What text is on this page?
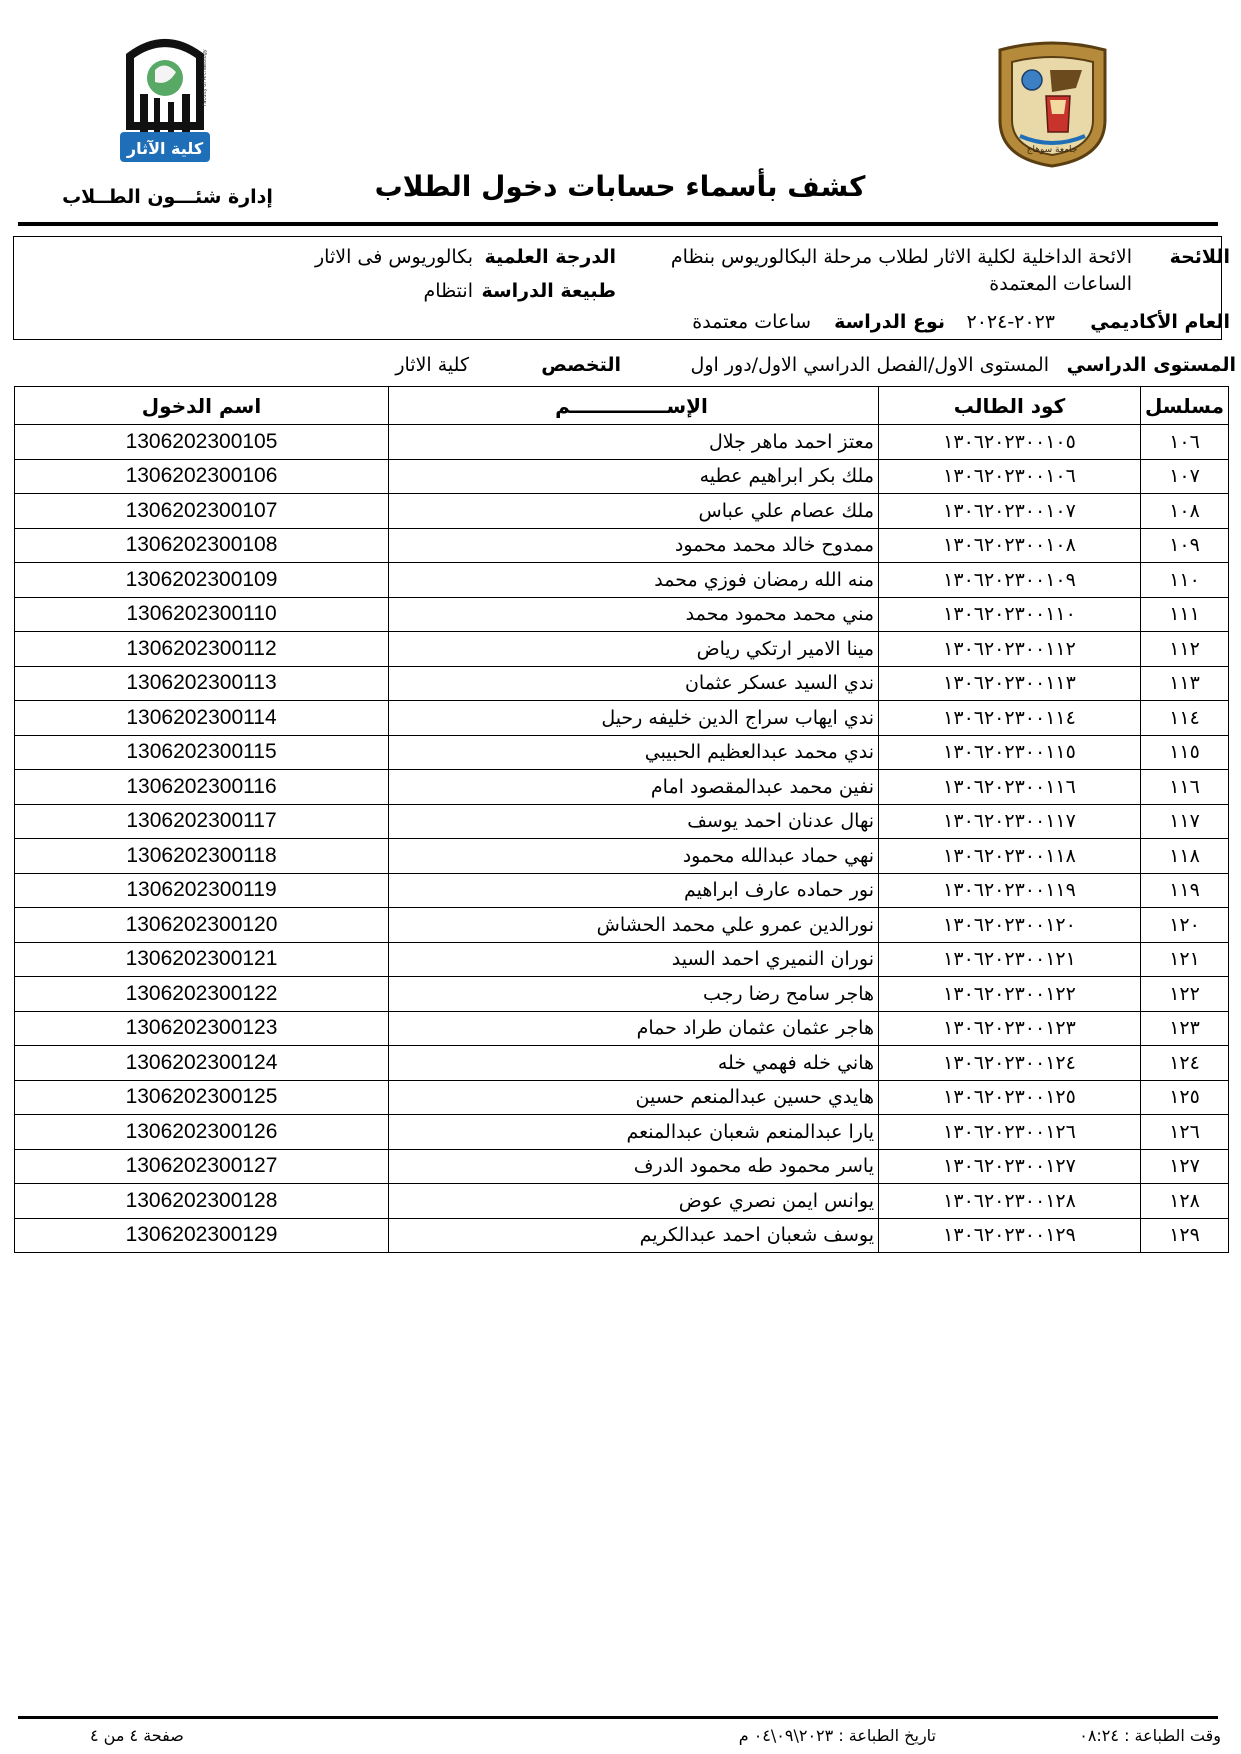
جامعة سوهاج
كلية الآثار
Faculty of Archaeology
كشف بأسماء حسابات دخول الطلاب
إدارة شئـــون الطــلاب
اللائحة
الائحة الداخلية لكلية الاثار لطلاب مرحلة البكالوريوس بنظام
الساعات المعتمدة
الدرجة العلمية
بكالوريوس فى الاثار
طبيعة الدراسة
انتظام
العام الأكاديمي
٢٠٢٣-٢٠٢٤
نوع الدراسة
ساعات معتمدة
المستوى الدراسي
المستوى الاول/الفصل الدراسي الاول/دور اول
التخصص
كلية الاثار
مسلسل	كود الطالب	الإســــــــــــــم	اسم الدخول
١٠٦	١٣٠٦٢٠٢٣٠٠١٠٥	معتز احمد ماهر جلال	1306202300105
١٠٧	١٣٠٦٢٠٢٣٠٠١٠٦	ملك بكر ابراهيم عطيه	1306202300106
١٠٨	١٣٠٦٢٠٢٣٠٠١٠٧	ملك عصام علي عباس	1306202300107
١٠٩	١٣٠٦٢٠٢٣٠٠١٠٨	ممدوح خالد محمد محمود	1306202300108
١١٠	١٣٠٦٢٠٢٣٠٠١٠٩	منه الله رمضان فوزي محمد	1306202300109
١١١	١٣٠٦٢٠٢٣٠٠١١٠	مني محمد محمود محمد	1306202300110
١١٢	١٣٠٦٢٠٢٣٠٠١١٢	مينا الامير ارتكي رياض	1306202300112
١١٣	١٣٠٦٢٠٢٣٠٠١١٣	ندي السيد عسكر عثمان	1306202300113
١١٤	١٣٠٦٢٠٢٣٠٠١١٤	ندي ايهاب سراج الدين خليفه رحيل	1306202300114
١١٥	١٣٠٦٢٠٢٣٠٠١١٥	ندي محمد عبدالعظيم الحبيبي	1306202300115
١١٦	١٣٠٦٢٠٢٣٠٠١١٦	نفين محمد عبدالمقصود امام	1306202300116
١١٧	١٣٠٦٢٠٢٣٠٠١١٧	نهال عدنان احمد يوسف	1306202300117
١١٨	١٣٠٦٢٠٢٣٠٠١١٨	نهي حماد عبدالله محمود	1306202300118
١١٩	١٣٠٦٢٠٢٣٠٠١١٩	نور حماده عارف ابراهيم	1306202300119
١٢٠	١٣٠٦٢٠٢٣٠٠١٢٠	نورالدين عمرو علي محمد الحشاش	1306202300120
١٢١	١٣٠٦٢٠٢٣٠٠١٢١	نوران النميري احمد السيد	1306202300121
١٢٢	١٣٠٦٢٠٢٣٠٠١٢٢	هاجر سامح رضا رجب	1306202300122
١٢٣	١٣٠٦٢٠٢٣٠٠١٢٣	هاجر عثمان عثمان طراد حمام	1306202300123
١٢٤	١٣٠٦٢٠٢٣٠٠١٢٤	هاني خله فهمي خله	1306202300124
١٢٥	١٣٠٦٢٠٢٣٠٠١٢٥	هايدي حسين عبدالمنعم حسين	1306202300125
١٢٦	١٣٠٦٢٠٢٣٠٠١٢٦	يارا عبدالمنعم شعبان عبدالمنعم	1306202300126
١٢٧	١٣٠٦٢٠٢٣٠٠١٢٧	ياسر محمود طه محمود الدرف	1306202300127
١٢٨	١٣٠٦٢٠٢٣٠٠١٢٨	يوانس ايمن نصري عوض	1306202300128
١٢٩	١٣٠٦٢٠٢٣٠٠١٢٩	يوسف شعبان احمد عبدالكريم	1306202300129
وقت الطباعة : ٠٨:٢٤
تاريخ الطباعة : ٢٠٢٣\٠٩\٠٤ م
صفحة ٤ من ٤
